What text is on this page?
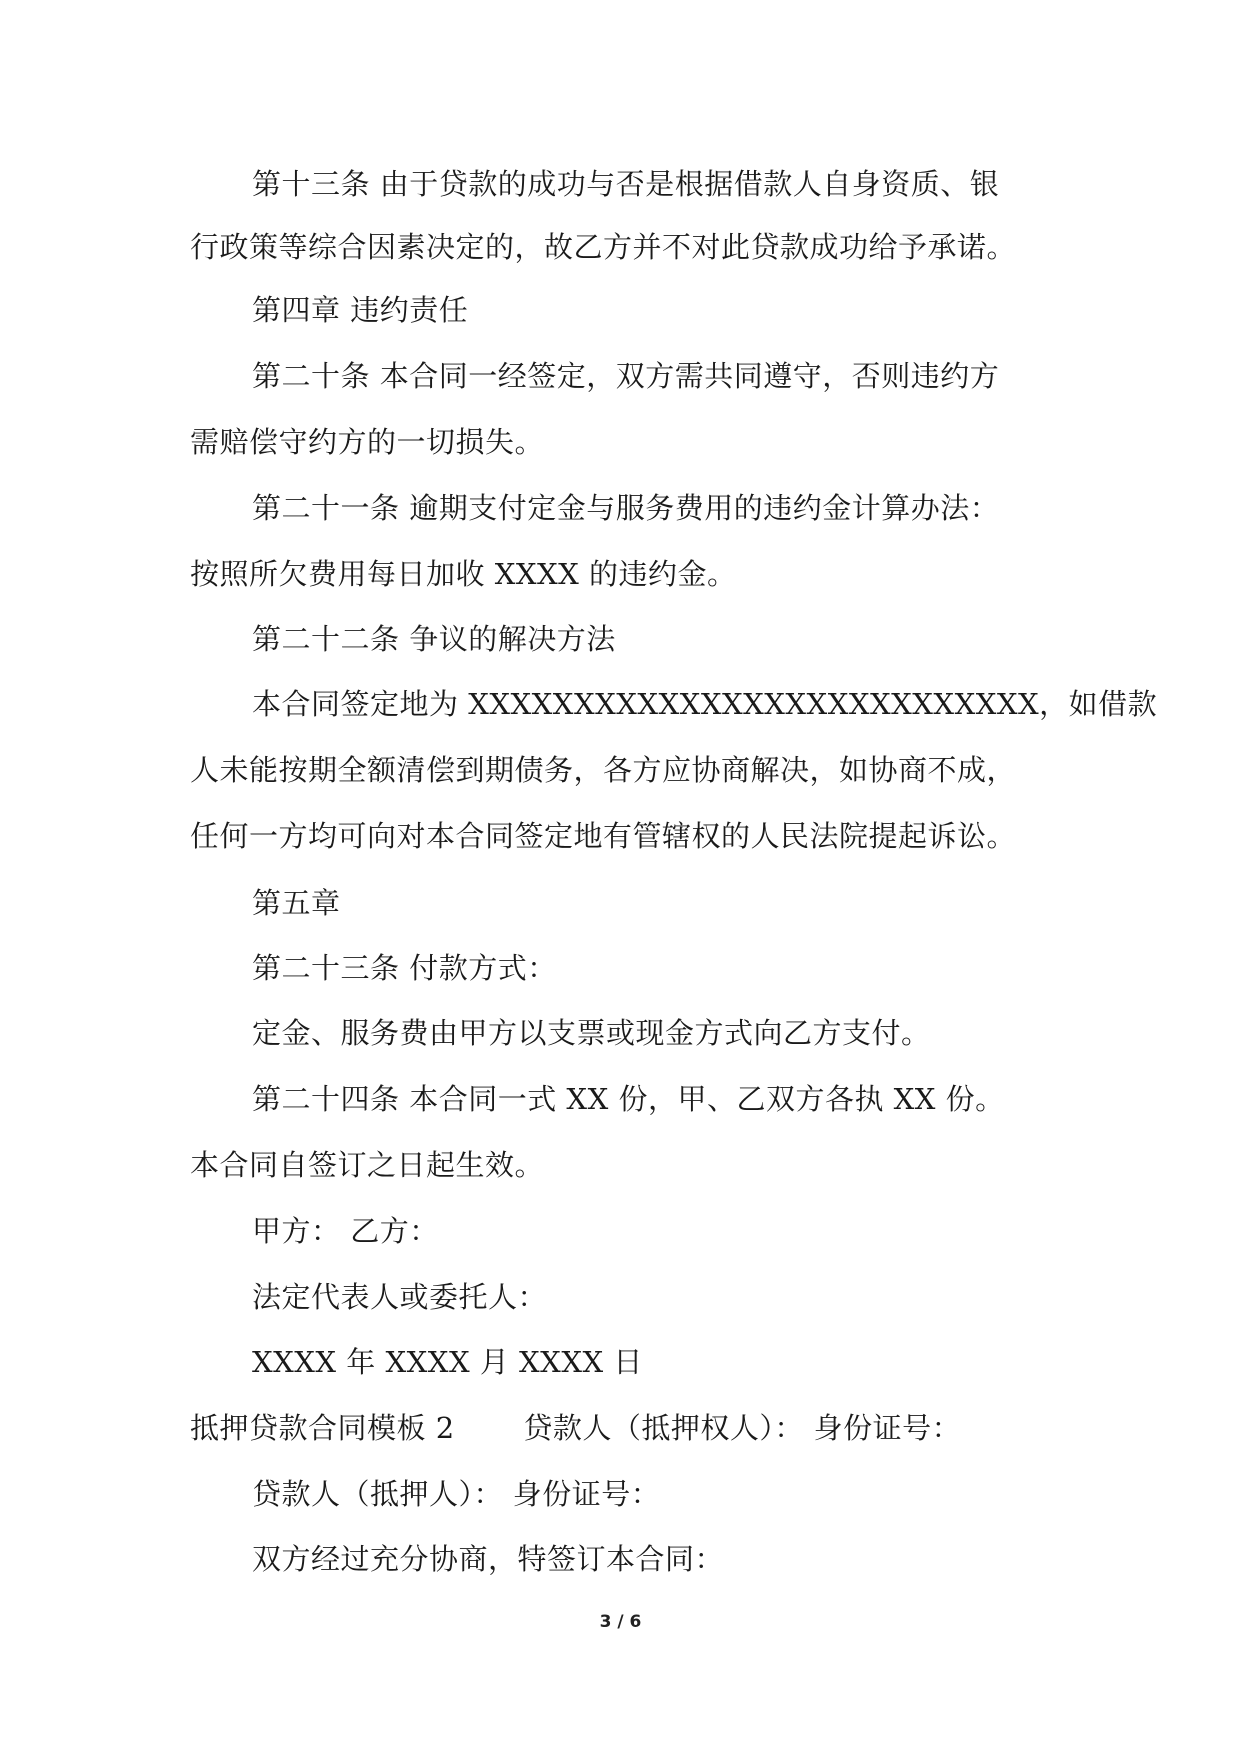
第十三条 由于贷款的成功与否是根据借款人自身资质、银
行政策等综合因素决定的，故乙方并不对此贷款成功给予承诺。
第四章 违约责任
第二十条 本合同一经签定，双方需共同遵守，否则违约方
需赔偿守约方的一切损失。
第二十一条 逾期支付定金与服务费用的违约金计算办法：
按照所欠费用每日加收 XXXX 的违约金。
第二十二条 争议的解决方法
本合同签定地为 XXXXXXXXXXXXXXXXXXXXXXXXXXX，如借款
人未能按期全额清偿到期债务，各方应协商解决，如协商不成，
任何一方均可向对本合同签定地有管辖权的人民法院提起诉讼。
第五章
第二十三条 付款方式：
定金、服务费由甲方以支票或现金方式向乙方支付。
第二十四条 本合同一式 XX 份，甲、乙双方各执 XX 份。
本合同自签订之日起生效。
甲方： 乙方：
法定代表人或委托人：
XXXX 年 XXXX 月 XXXX 日
抵押贷款合同模板 2　　 贷款人（抵押权人）： 身份证号：
贷款人（抵押人）： 身份证号：
双方经过充分协商，特签订本合同：
3 / 6
